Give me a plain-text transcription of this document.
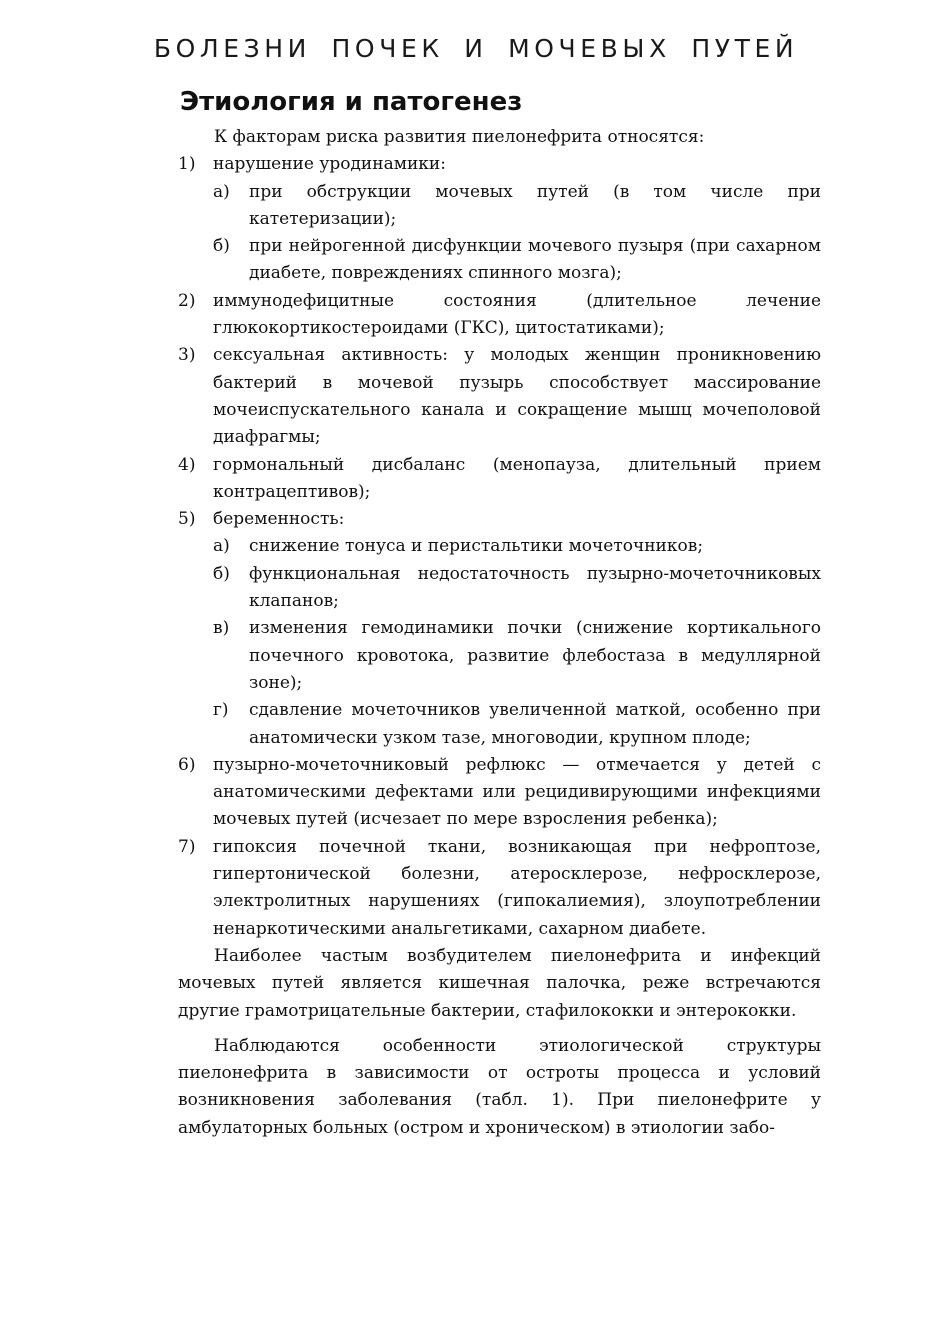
БОЛЕЗНИ ПОЧЕК И МОЧЕВЫХ ПУТЕЙ
Этиология и патогенез

К факторам риска развития пиелонефрита относятся:

1) нарушение уродинамики:
а) при обструкции мочевых путей (в том числе при катетеризации);
б) при нейрогенной дисфункции мочевого пузыря (при сахарном диабете, повреждениях спинного мозга);
2) иммунодефицитные состояния (длительное лечение глюкокортикостероидами (ГКС), цитостатиками);
3) сексуальная активность: у молодых женщин проникновению бактерий в мочевой пузырь способствует массирование мочеиспускательного канала и сокращение мышц мочеполовой диафрагмы;
4) гормональный дисбаланс (менопауза, длительный прием контрацептивов);
5) беременность:
а) снижение тонуса и перистальтики мочеточников;
б) функциональная недостаточность пузырно-мочеточниковых клапанов;
в) изменения гемодинамики почки (снижение кортикального почечного кровотока, развитие флебостаза в медуллярной зоне);
г) сдавление мочеточников увеличенной маткой, особенно при анатомически узком тазе, многоводии, крупном плоде;
6) пузырно-мочеточниковый рефлюкс — отмечается у детей с анатомическими дефектами или рецидивирующими инфекциями мочевых путей (исчезает по мере взросления ребенка);
7) гипоксия почечной ткани, возникающая при нефроптозе, гипертонической болезни, атеросклерозе, нефросклерозе, электролитных нарушениях (гипокалиемия), злоупотреблении ненаркотическими анальгетиками, сахарном диабете.

Наиболее частым возбудителем пиелонефрита и инфекций мочевых путей является кишечная палочка, реже встречаются другие грамотрицательные бактерии, стафилококки и энтерококки.

Наблюдаются особенности этиологической структуры пиелонефрита в зависимости от остроты процесса и условий возникновения заболевания (табл. 1). При пиелонефрите у амбулаторных больных (остром и хроническом) в этиологии забо-
